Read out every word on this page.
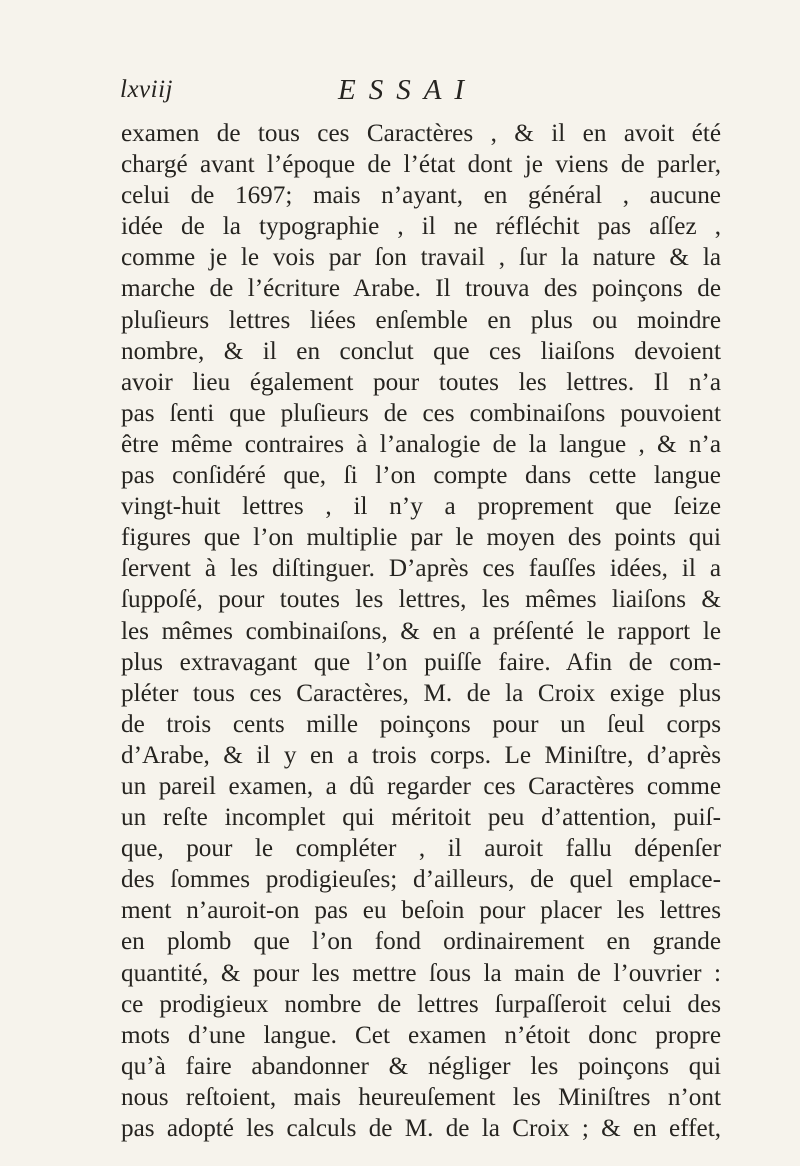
lxviij	ESSAI
examen de tous ces Caractères , & il en avoit été
chargé avant l’époque de l’état dont je viens de parler,
celui de 1697; mais n’ayant, en général , aucune
idée de la typographie , il ne réfléchit pas aſſez ,
comme je le vois par ſon travail , ſur la nature & la
marche de l’écriture Arabe. Il trouva des poinçons de
pluſieurs lettres liées enſemble en plus ou moindre
nombre, & il en conclut que ces liaiſons devoient
avoir lieu également pour toutes les lettres. Il n’a
pas ſenti que pluſieurs de ces combinaiſons pouvoient
être même contraires à l’analogie de la langue , & n’a
pas conſidéré que, ſi l’on compte dans cette langue
vingt-huit lettres , il n’y a proprement que ſeize
figures que l’on multiplie par le moyen des points qui
ſervent à les diſtinguer. D’après ces fauſſes idées, il a
ſuppoſé, pour toutes les lettres, les mêmes liaiſons &
les mêmes combinaiſons, & en a préſenté le rapport le
plus extravagant que l’on puiſſe faire. Afin de com-
pléter tous ces Caractères, M. de la Croix exige plus
de trois cents mille poinçons pour un ſeul corps
d’Arabe, & il y en a trois corps. Le Miniſtre, d’après
un pareil examen, a dû regarder ces Caractères comme
un reſte incomplet qui méritoit peu d’attention, puiſ-
que, pour le compléter , il auroit fallu dépenſer
des ſommes prodigieuſes; d’ailleurs, de quel emplace-
ment n’auroit-on pas eu beſoin pour placer les lettres
en plomb que l’on fond ordinairement en grande
quantité, & pour les mettre ſous la main de l’ouvrier :
ce prodigieux nombre de lettres ſurpaſſeroit celui des
mots d’une langue. Cet examen n’étoit donc propre
qu’à faire abandonner & négliger les poinçons qui
nous reſtoient, mais heureuſement les Miniſtres n’ont
pas adopté les calculs de M. de la Croix ; & en effet,
